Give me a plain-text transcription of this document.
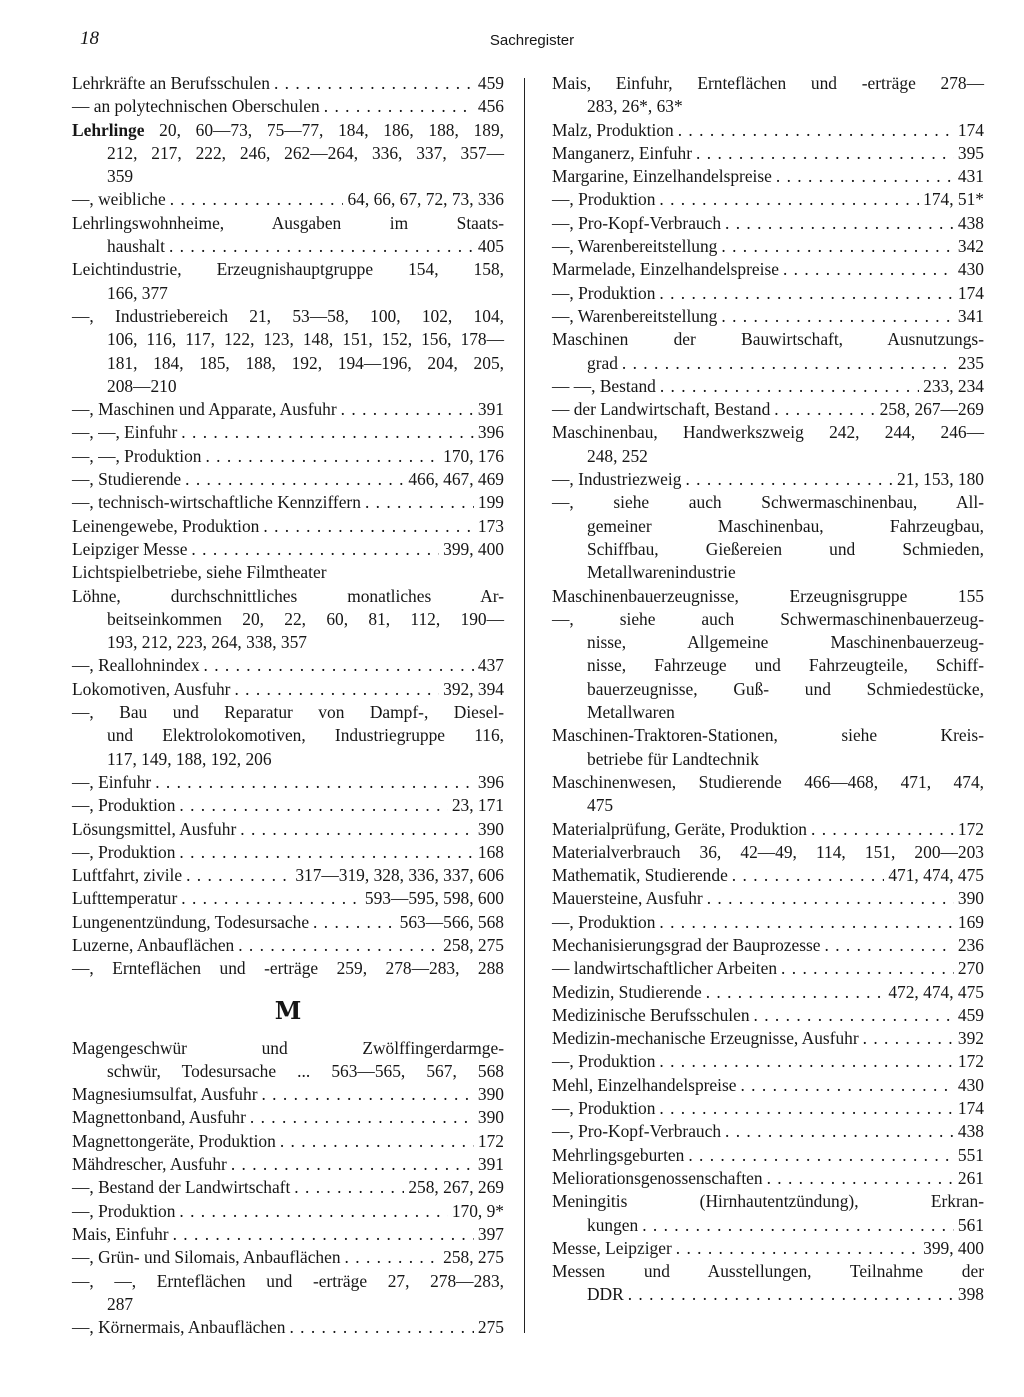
18	Sachregister
Lehrkräfte an Berufsschulen . . .	459
— an polytechnischen Oberschulen . . .	456
Lehrlinge 20, 60—73, 75—77, 184, 186, 188, 189,
212, 217, 222, 246, 262—264, 336, 337, 357—
359
—, weibliche . . .	64, 66, 67, 72, 73, 336
Lehrlingswohnheime, Ausgaben im Staats-
haushalt . . .	405
Leichtindustrie, Erzeugnishauptgruppe 154, 158,
166, 377
—, Industriebereich 21, 53—58, 100, 102, 104,
106, 116, 117, 122, 123, 148, 151, 152, 156, 178—
181, 184, 185, 188, 192, 194—196, 204, 205,
208—210
—, Maschinen und Apparate, Ausfuhr . . .	391
—, —, Einfuhr . . .	396
—, —, Produktion . . .	170, 176
—, Studierende . . .	466, 467, 469
—, technisch-wirtschaftliche Kennziffern . . .	199
Leinengewebe, Produktion . . .	173
Leipziger Messe . . .	399, 400
Lichtspielbetriebe, siehe Filmtheater
Löhne, durchschnittliches monatliches Ar-
beitseinkommen 20, 22, 60, 81, 112, 190—
193, 212, 223, 264, 338, 357
—, Reallohnindex . . .	437
Lokomotiven, Ausfuhr . . .	392, 394
—, Bau und Reparatur von Dampf-, Diesel-
und Elektrolokomotiven, Industriegruppe 116,
117, 149, 188, 192, 206
—, Einfuhr . . .	396
—, Produktion . . .	23, 171
Lösungsmittel, Ausfuhr . . .	390
—, Produktion . . .	168
Luftfahrt, zivile . . .	317—319, 328, 336, 337, 606
Lufttemperatur . . .	593—595, 598, 600
Lungenentzündung, Todesursache . . .	563—566, 568
Luzerne, Anbauflächen . . .	258, 275
—, Ernteflächen und -erträge 259, 278—283, 288
M
Magengeschwür und Zwölffingerdarmge-
schwür, Todesursache ... 563—565, 567, 568
Magnesiumsulfat, Ausfuhr . . .	390
Magnettonband, Ausfuhr . . .	390
Magnettongeräte, Produktion . . .	172
Mähdrescher, Ausfuhr . . .	391
—, Bestand der Landwirtschaft . . .	258, 267, 269
—, Produktion . . .	170, 9*
Mais, Einfuhr . . .	397
—, Grün- und Silomais, Anbauflächen . . .	258, 275
—, —, Ernteflächen und -erträge 27, 278—283,
287
—, Körnermais, Anbauflächen . . .	275
Mais, Einfuhr, Ernteflächen und -erträge 278—
283, 26*, 63*
Malz, Produktion . . .	174
Manganerz, Einfuhr . . .	395
Margarine, Einzelhandelspreise . . .	431
—, Produktion . . .	174, 51*
—, Pro-Kopf-Verbrauch . . .	438
—, Warenbereitstellung . . .	342
Marmelade, Einzelhandelspreise . . .	430
—, Produktion . . .	174
—, Warenbereitstellung . . .	341
Maschinen der Bauwirtschaft, Ausnutzungs-
grad . . .	235
— —, Bestand . . .	233, 234
— der Landwirtschaft, Bestand . . .	258, 267—269
Maschinenbau, Handwerkszweig 242, 244, 246—
248, 252
—, Industriezweig . . .	21, 153, 180
—, siehe auch Schwermaschinenbau, All-
gemeiner Maschinenbau, Fahrzeugbau,
Schiffbau, Gießereien und Schmieden,
Metallwarenindustrie
Maschinenbauerzeugnisse, Erzeugnisgruppe 155
—, siehe auch Schwermaschinenbauerzeug-
nisse, Allgemeine Maschinenbauerzeug-
nisse, Fahrzeuge und Fahrzeugteile, Schiff-
bauerzeugnisse, Guß- und Schmiedestücke,
Metallwaren
Maschinen-Traktoren-Stationen, siehe Kreis-
betriebe für Landtechnik
Maschinenwesen, Studierende 466—468, 471, 474,
475
Materialprüfung, Geräte, Produktion . . .	172
Materialverbrauch 36, 42—49, 114, 151, 200—203
Mathematik, Studierende . . .	471, 474, 475
Mauersteine, Ausfuhr . . .	390
—, Produktion . . .	169
Mechanisierungsgrad der Bauprozesse . . .	236
— landwirtschaftlicher Arbeiten . . .	270
Medizin, Studierende . . .	472, 474, 475
Medizinische Berufsschulen . . .	459
Medizin-mechanische Erzeugnisse, Ausfuhr . . .	392
—, Produktion . . .	172
Mehl, Einzelhandelspreise . . .	430
—, Produktion . . .	174
—, Pro-Kopf-Verbrauch . . .	438
Mehrlingsgeburten . . .	551
Meliorationsgenossenschaften . . .	261
Meningitis (Hirnhautentzündung), Erkran-
kungen . . .	561
Messe, Leipziger . . .	399, 400
Messen und Ausstellungen, Teilnahme der
DDR . . .	398
